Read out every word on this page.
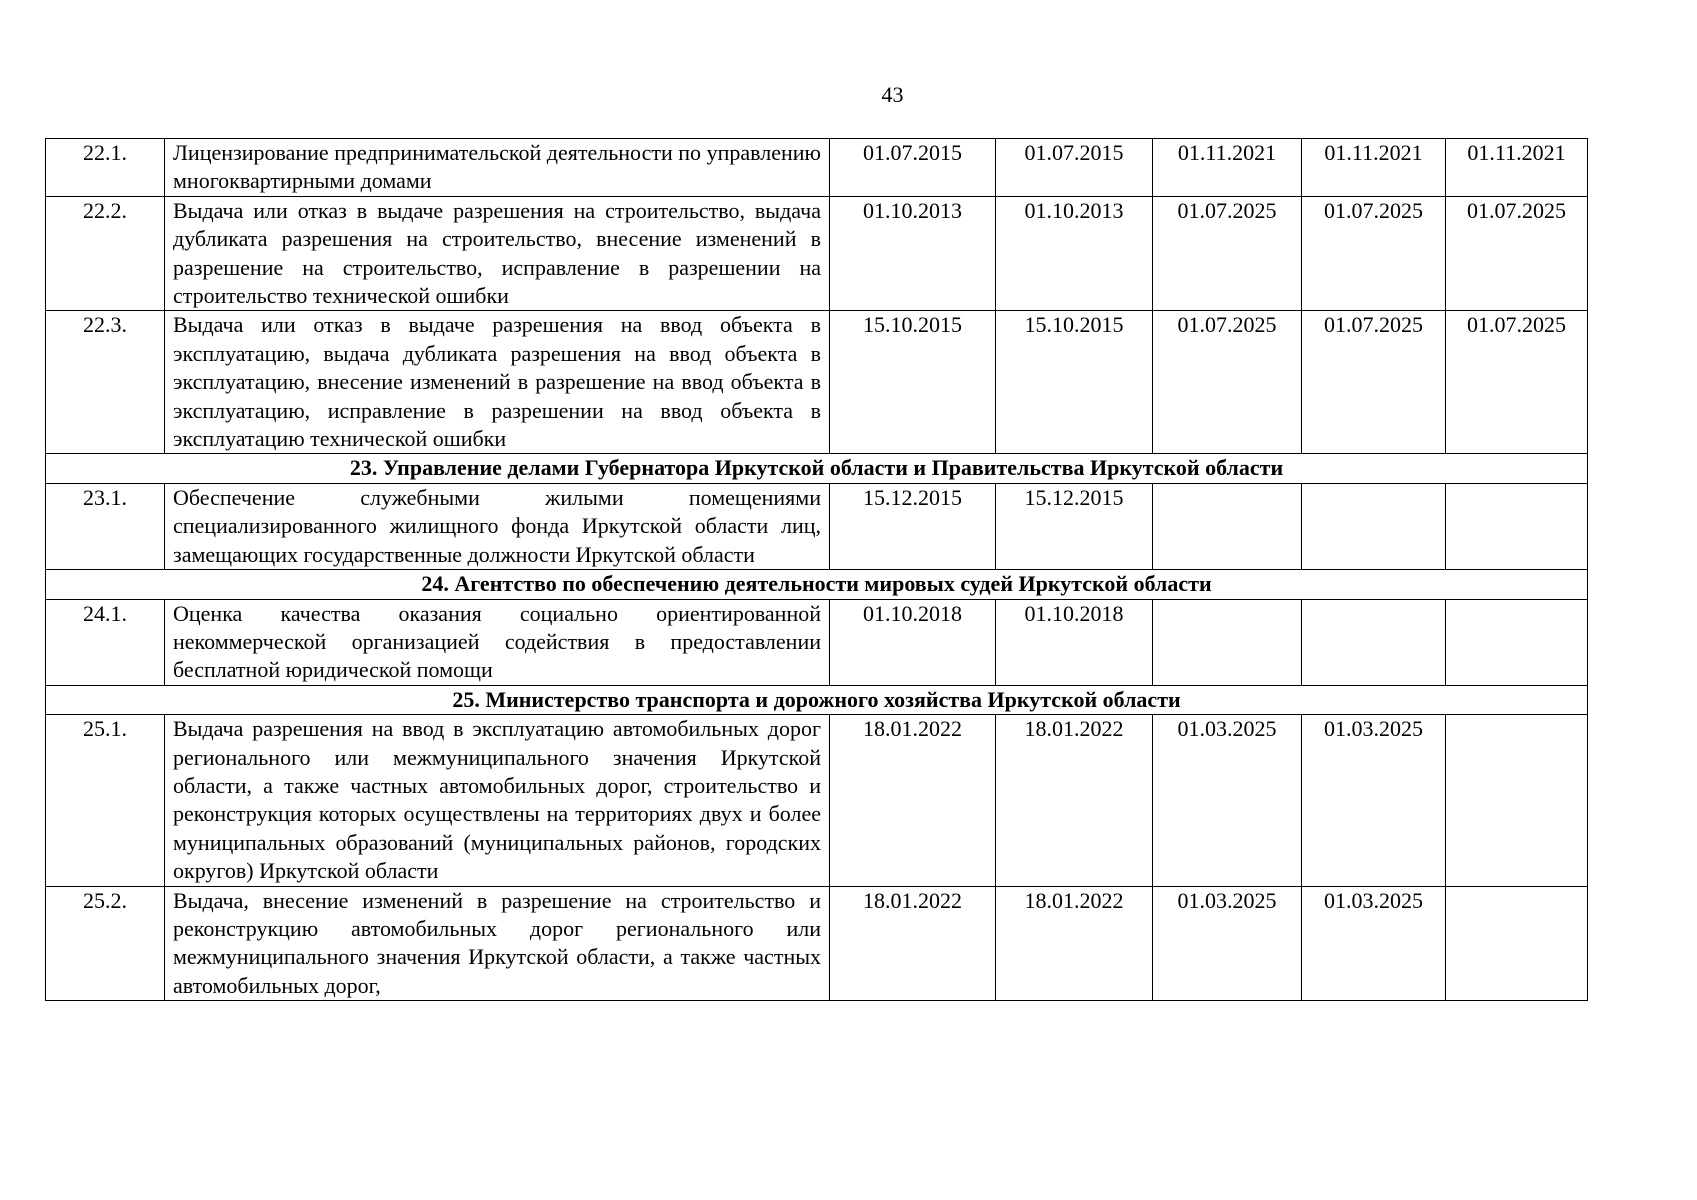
43
22.1.	Лицензирование предпринимательской деятельности по управлению многоквартирными домами	01.07.2015	01.07.2015	01.11.2021	01.11.2021	01.11.2021
22.2.	Выдача или отказ в выдаче разрешения на строительство, выдача дубликата разрешения на строительство, внесение изменений в разрешение на строительство, исправление в разрешении на строительство технической ошибки	01.10.2013	01.10.2013	01.07.2025	01.07.2025	01.07.2025
22.3.	Выдача или отказ в выдаче разрешения на ввод объекта в эксплуатацию, выдача дубликата разрешения на ввод объекта в эксплуатацию, внесение изменений в разрешение на ввод объекта в эксплуатацию, исправление в разрешении на ввод объекта в эксплуатацию технической ошибки	15.10.2015	15.10.2015	01.07.2025	01.07.2025	01.07.2025
23. Управление делами Губернатора Иркутской области и Правительства Иркутской области						
23.1.	Обеспечение служебными жилыми помещениями специализированного жилищного фонда Иркутской области лиц, замещающих государственные должности Иркутской области	15.12.2015	15.12.2015			
24. Агентство по обеспечению деятельности мировых судей Иркутской области						
24.1.	Оценка качества оказания социально ориентированной некоммерческой организацией содействия в предоставлении бесплатной юридической помощи	01.10.2018	01.10.2018			
25. Министерство транспорта и дорожного хозяйства Иркутской области						
25.1.	Выдача разрешения на ввод в эксплуатацию автомобильных дорог регионального или межмуниципального значения Иркутской области, а также частных автомобильных дорог, строительство и реконструкция которых осуществлены на территориях двух и более муниципальных образований (муниципальных районов, городских округов) Иркутской области	18.01.2022	18.01.2022	01.03.2025	01.03.2025	
25.2.	Выдача, внесение изменений в разрешение на строительство и реконструкцию автомобильных дорог регионального или межмуниципального значения Иркутской области, а также частных автомобильных дорог,	18.01.2022	18.01.2022	01.03.2025	01.03.2025	
